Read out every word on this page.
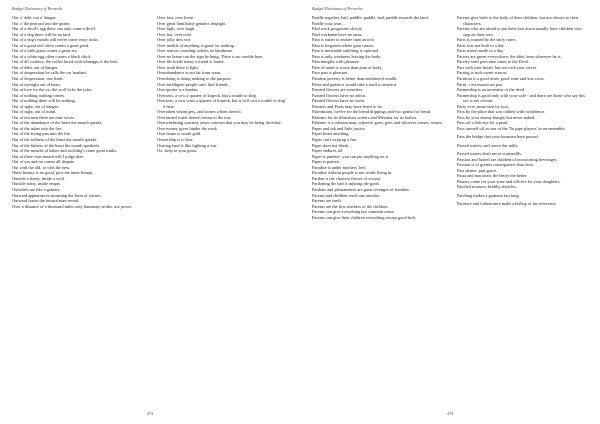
Budget Dictionary of Proverbs

Out o' debt, out o' danger.

Out o' the peat pot into the gutter.

Out of a devil's egg there can only come a devil.

Out of a dog there will be no lard.

Out of a dog's mouth will never come ivory tusks.

Out of a great evil often comes a great good.

Out of a little grass comes a great ass.

Out of a white egg often comes a black chick.

Out of all cookery, the coffee laced with schnapps is the best.

Out of debt, out of danger.

Out of desperation he calls the cat 'madam'.

Out of desperation, one finds.

Out of eyesight out of heart.

Out of love for the ox, the wolf licks the yoke.

Out of nothing nothing comes.

Out of nothing there will be nothing.

Out of sight, out of danger.

Out of sight, out of mind.

Out of ten men there are nine wives.

Out of the abundance of the heart the mouth speaks.

Out of the ashes into the fire.

Out of the frying pan into the fire.

Out of the fullness of the heart the mouth speaks.

Out of the fulness of the heart the mouth speaketh.

Out of the mouths of babes and suckling's come great truths.

Out of three own mouth will I judge thee.

Out of yes and no comes all dispute.

Out with the old, in with the new.

Outer beauty is no good, give me inner beauty.

Outside a sheep, inside a wolf.

Outside noisy, inside empty.

Outsiders are like a granary.

Outward appearances assuming the form of virtues.

Outward forms the inward man reveal.

Over a distance of a thousand miles only humanity works, not power.

Over fast, over loose.

Over great familiarity genders despight.

Over high, over laigh.

Over hot, over cold.

Over jolly dow not.

Over meikle of anything is good for nothing.

Over narrow counting culzies no kindnesse.

Over no home can the sign be hung: There is no trouble here.

Over the bottle many a friend is found.

Over truth there is light.

Overabundance is not far from want.

Overdoing is doing nothing to the purpose.

Over-intelligent people can't find friends.

Over-praise is a burden.

Overseas, a cow a quarter of kopeck, but a rouble to ship.

Overseas, a cow costs a quarter of kopeck, but it will cost a rouble to ship it here.

Overtaken whom gets, and stones whom doesn't.

Overturned water doesn't return to the tray.

Overwhelming courtesy raises concern that you may be being deceitful.

Owe money gives hinder the work.

Own home is worth gold.

Ownership is to lose.

Owning land is like fighting a war.

Ox, keep to your grass.

473
Budget Dictionary of Proverbs

Paddle together, bail, paddle; paddle, bail; paddle towards the land.

Paddle your own…

Paid work progresses slowly.

Paid workmen have no arms.

Pain is easier to endure than an itch.

Pain is forgotten where gain comes.

Pain is inevitable suffering is optional.

Pain is only weakness leaving the body.

Pain mingles with pleasure.

Pain of mind is worse than pain of body.

Pain past is pleasure.

Painless poverty is better than embittered wealth.

Pains and patience would take a snail to america.

Painted flowers are scentless.

Painted flowers have no odour.

Painted flowers have no scent.

Painters and Poets may have leave to lie.

Palermitani, twelve for the bread drippings and two grains for bread.

Palermo for its illustrious writers and Messina for its harbor.

Palermo is a tolerant man, whoever goes, goes and whoever comes, comes.

Paper and ink and little justice.

Paper bears anything.

Paper can't wrap up a fire.

Paper does not blush.

Paper endures all.

Paper is patient - you can put anything on it.

Paper is patient.

Paradise is under mothers' feet.

Paradise without people is not worth living in.

Pardon is the choicest flower of victory.

Pardoning the bad is injuring the good.

Pardons and pleasantness are great revenges of slanders.

Parents and children teach one another.

Parents are teeth.

Parents are the first teachers of the children.

Parents can give everything but common sense.

Parents can give their children everything except good luck.

Parents give birth to the body of their children, but not always to their characters.

Parents who are afraid to put their foot down usually have children who step on their toes.

Paris is warned by the early risers.

Paris was not built in a day.

Paris wasn't made in a day.

Parrots are green everywhere; the idiot loses wherever he is.

Parsley seed goes nine times to the Devil.

Part with your bread, but not with your secret.

Parting is such sweet sorrow.

Partition is a good town, good wine and low costs.

Partir, c'est mourir un peu.

Partnership is an invention of the devil.

Partnership is good only with your wife - and there are those who say this too is not certain.

Party over, musicians by foot.

Pass by the place that was robbed with confidence.

Pass by your enemy hungry but never naked.

Pass off a fish eye for a pearl.

Pass oneself off as one of the 'Yu pipe players' in an ensemble.

Pass the bridge that your kinsmen have passed.

Passed waters can't move the mills.

Passed waters don't move watermills.

Passion and hatred are children of intoxicating beverages.

Passion is of greater consequence than facts.

Past shame, past grace.

Pasta and macaroni, the better the better.

Pastors come for your wine and officers for your daughters.

Patched trousers, healthy testicles.

Patching makes a garment last long.

Patience and forbearance make a bishop of his reverence.

474
